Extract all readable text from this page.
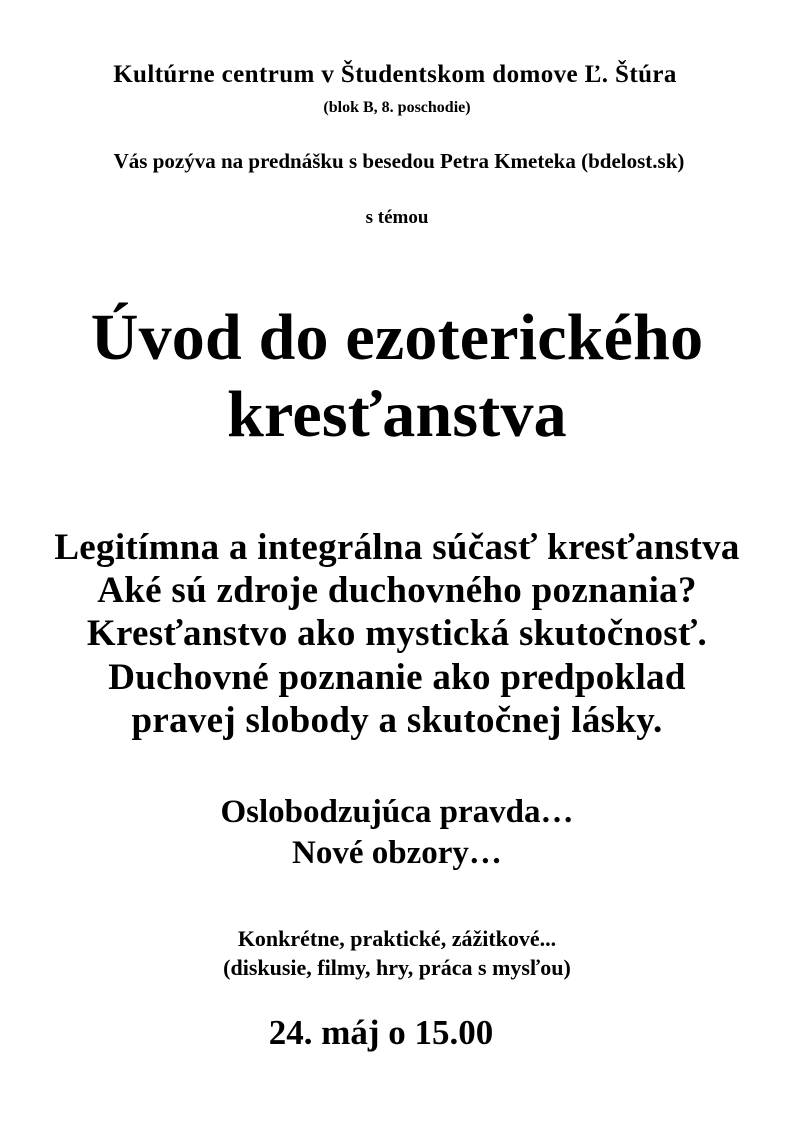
Kultúrne centrum v Študentskom domove Ľ. Štúra

(blok B, 8. poschodie)

Vás pozýva na prednášku s besedou Petra Kmeteka (bdelost.sk)

s témou

Úvod do ezoterického
kresťanstva

Legitímna a integrálna súčasť kresťanstva

Aké sú zdroje duchovného poznania?

Kresťanstvo ako mystická skutočnosť.

Duchovné poznanie ako predpoklad

pravej slobody a skutočnej lásky.

Oslobodzujúca pravda…

Nové obzory…

Konkrétne, praktické, zážitkové...

(diskusie, filmy, hry, práca s mysľou)

24. máj o 15.00
